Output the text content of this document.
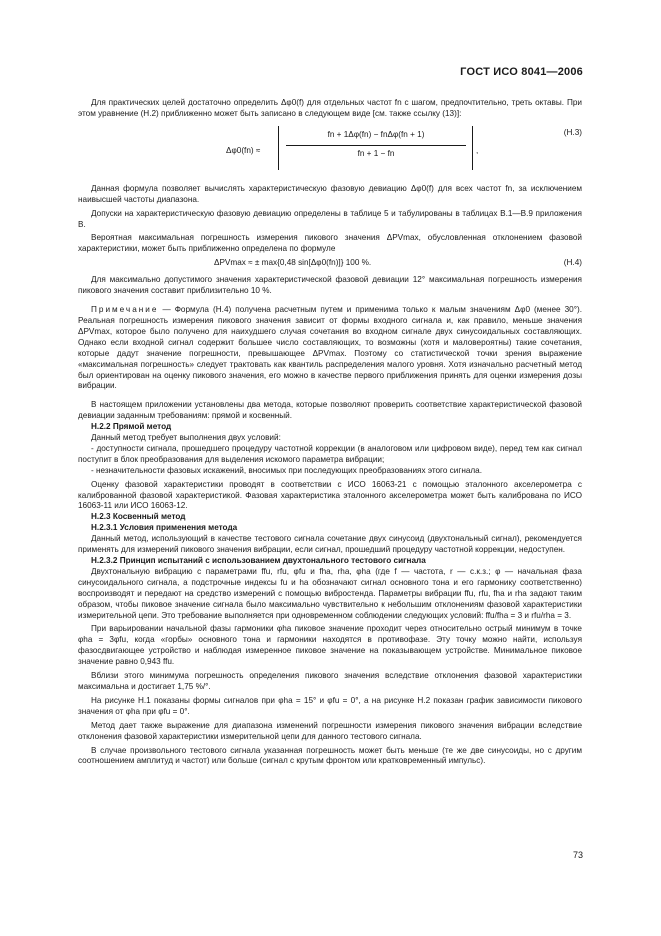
ГОСТ ИСО 8041—2006

Для практических целей достаточно определить Δφ0(f) для отдельных частот fn с шагом, предпочтительно, треть октавы. При этом уравнение (Н.2) приближенно может быть записано в следующем виде [см. также ссылку (13)]:

Δφ0(fn) ≈
fn + 1Δφ(fn) − fnΔφ(fn + 1)
fn + 1 − fn	,
(Н.3)

Данная формула позволяет вычислять характеристическую фазовую девиацию Δφ0(f) для всех частот fn, за исключением наивысшей частоты диапазона.

Допуски на характеристическую фазовую девиацию определены в таблице 5 и табулированы в таблицах В.1—В.9 приложения В.

Вероятная максимальная погрешность измерения пикового значения ΔPVmax, обусловленная отклонением фазовой характеристики, может быть приближенно определена по формуле

ΔPVmax ≈ ± max{0,48 sin[Δφ0(fn)]} 100 %.	(Н.4)

Для максимально допустимого значения характеристической фазовой девиации 12° максимальная погрешность измерения пикового значения составит приблизительно 10 %.

Примечание — Формула (Н.4) получена расчетным путем и применима только к малым значениям Δφ0 (менее 30°). Реальная погрешность измерения пикового значения зависит от формы входного сигнала и, как правило, меньше значения ΔPVmax, которое было получено для наихудшего случая сочетания во входном сигнале двух синусоидальных составляющих. Однако если входной сигнал содержит большее число составляющих, то возможны (хотя и маловероятны) такие сочетания, которые дадут значение погрешности, превышающее ΔPVmax. Поэтому со статистической точки зрения выражение «максимальная погрешность» следует трактовать как квантиль распределения малого уровня. Хотя изначально расчетный метод был ориентирован на оценку пикового значения, его можно в качестве первого приближения принять для оценки измерения дозы вибрации.

В настоящем приложении установлены два метода, которые позволяют проверить соответствие характеристической фазовой девиации заданным требованиям: прямой и косвенный.

Н.2.2 Прямой метод

Данный метод требует выполнения двух условий:

- доступности сигнала, прошедшего процедуру частотной коррекции (в аналоговом или цифровом виде), перед тем как сигнал поступит в блок преобразования для выделения искомого параметра вибрации;

- незначительности фазовых искажений, вносимых при последующих преобразованиях этого сигнала.

Оценку фазовой характеристики проводят в соответствии с ИСО 16063-21 с помощью эталонного акселерометра с калиброванной фазовой характеристикой. Фазовая характеристика эталонного акселерометра может быть калибрована по ИСО 16063-11 или ИСО 16063-12.

Н.2.3 Косвенный метод

Н.2.3.1 Условия применения метода

Данный метод, использующий в качестве тестового сигнала сочетание двух синусоид (двухтональный сигнал), рекомендуется применять для измерений пикового значения вибрации, если сигнал, прошедший процедуру частотной коррекции, недоступен.

Н.2.3.2 Принцип испытаний с использованием двухтонального тестового сигнала

Двухтональную вибрацию с параметрами ffu, rfu, φfu и fha, rha, φha (где f — частота, r — с.к.з.; φ — начальная фаза синусоидального сигнала, а подстрочные индексы fu и ha обозначают сигнал основного тона и его гармонику соответственно) воспроизводят и передают на средство измерений с помощью вибростенда. Параметры вибрации ffu, rfu, fha и rha задают таким образом, чтобы пиковое значение сигнала было максимально чувствительно к небольшим отклонениям фазовой характеристики измерительной цепи. Это требование выполняется при одновременном соблюдении следующих условий: ffu/fha = 3 и rfu/rha = 3.

При варьировании начальной фазы гармоники φha пиковое значение проходит через относительно острый минимум в точке φha = 3φfu, когда «горбы» основного тона и гармоники находятся в противофазе. Эту точку можно найти, используя фазосдвигающее устройство и наблюдая измеренное пиковое значение на показывающем устройстве. Минимальное пиковое значение равно 0,943 ffu.

Вблизи этого минимума погрешность определения пикового значения вследствие отклонения фазовой характеристики максимальна и достигает 1,75 %/°.

На рисунке Н.1 показаны формы сигналов при φha = 15° и φfu = 0°, а на рисунке Н.2 показан график зависимости пикового значения от φha при φfu = 0°.

Метод дает также выражение для диапазона изменений погрешности измерения пикового значения вибрации вследствие отклонения фазовой характеристики измерительной цепи для данного тестового сигнала.

В случае произвольного тестового сигнала указанная погрешность может быть меньше (те же две синусоиды, но с другим соотношением амплитуд и частот) или больше (сигнал с крутым фронтом или кратковременный импульс).

73
